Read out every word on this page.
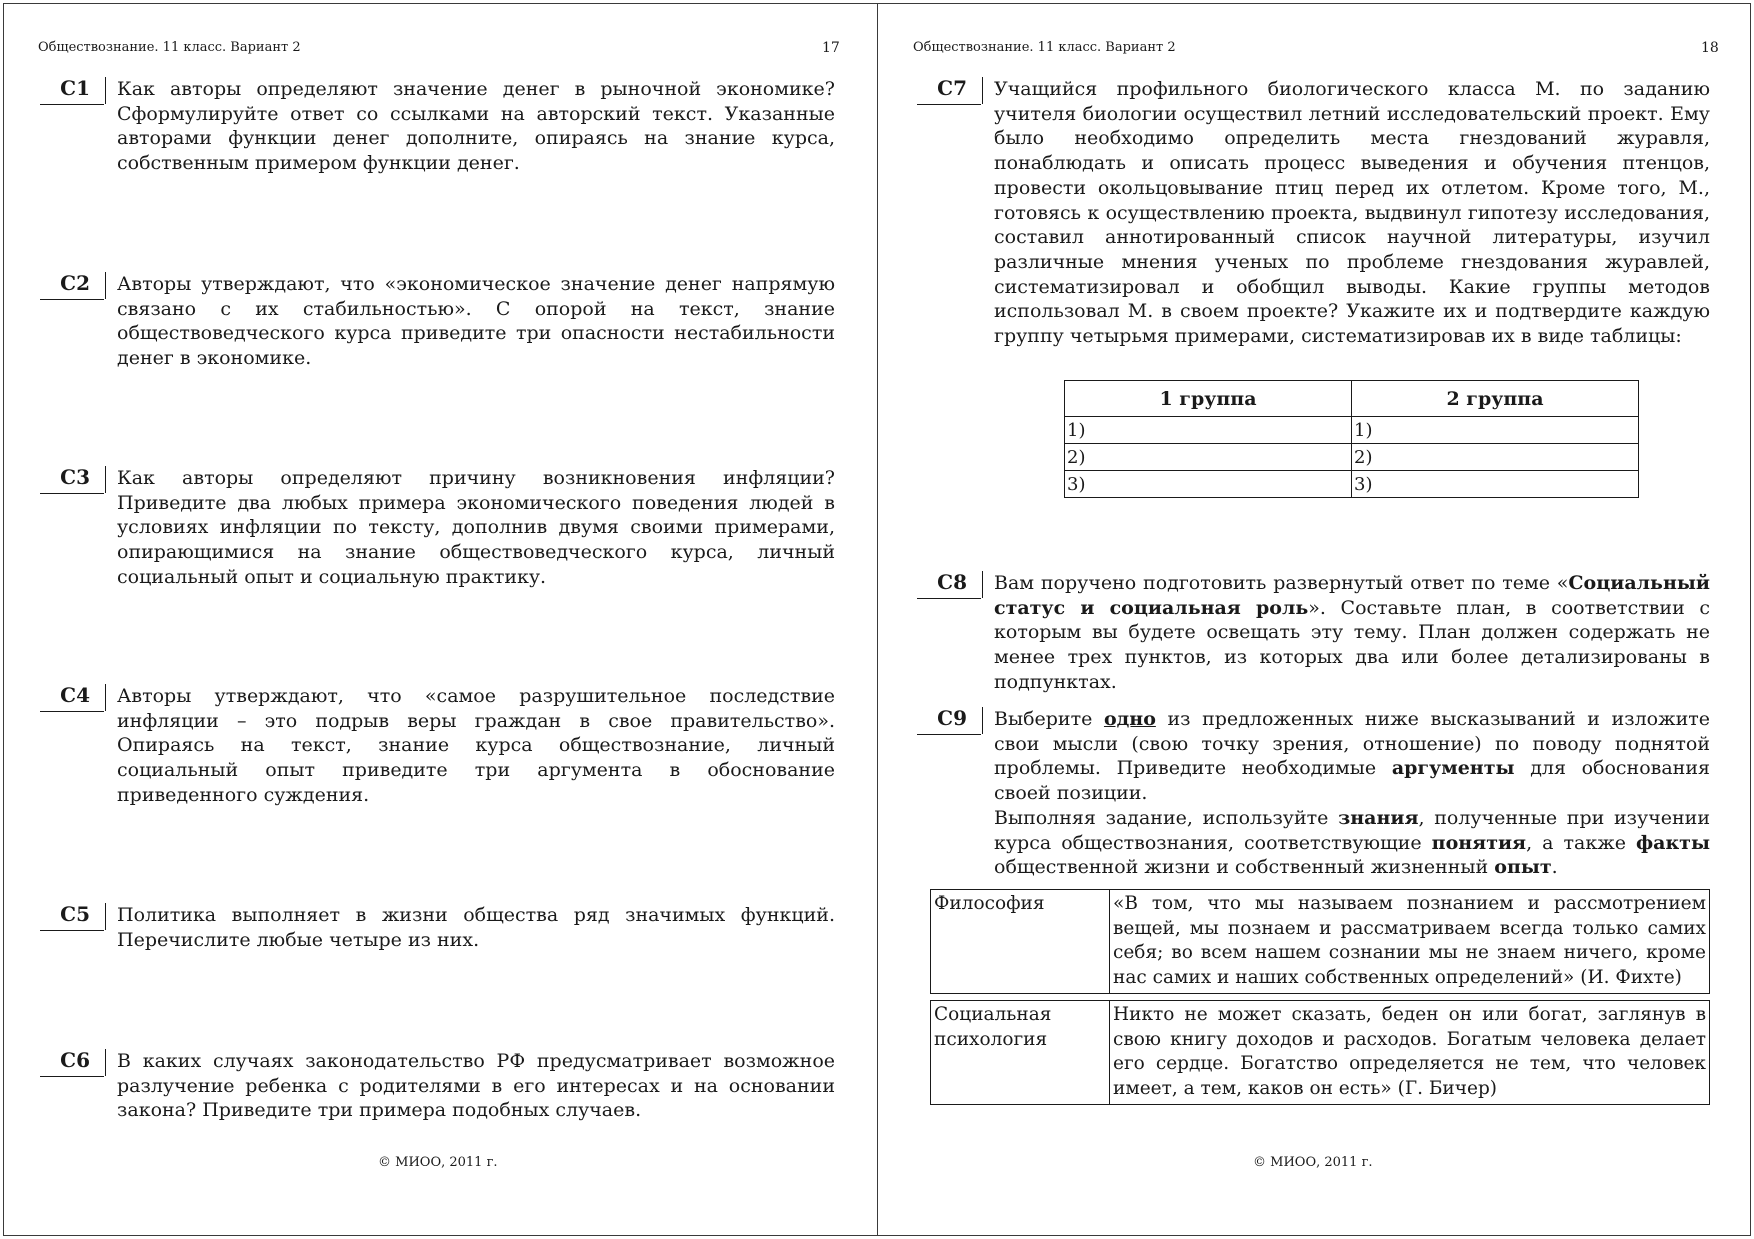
Обществознание. 11 класс. Вариант 2	17
C1 Как авторы определяют значение денег в рыночной экономике? Сформулируйте ответ со ссылками на авторский текст. Указанные авторами функции денег дополните, опираясь на знание курса, собственным примером функции денег.
C2 Авторы утверждают, что «экономическое значение денег напрямую связано с их стабильностью». С опорой на текст, знание обществоведческого курса приведите три опасности нестабильности денег в экономике.
C3 Как авторы определяют причину возникновения инфляции? Приведите два любых примера экономического поведения людей в условиях инфляции по тексту, дополнив двумя своими примерами, опирающимися на знание обществоведческого курса, личный социальный опыт и социальную практику.
C4 Авторы утверждают, что «самое разрушительное последствие инфляции – это подрыв веры граждан в свое правительство». Опираясь на текст, знание курса обществознание, личный социальный опыт приведите три аргумента в обоснование приведенного суждения.
C5 Политика выполняет в жизни общества ряд значимых функций. Перечислите любые четыре из них.
C6 В каких случаях законодательство РФ предусматривает возможное разлучение ребенка с родителями в его интересах и на основании закона? Приведите три примера подобных случаев.
© МИОО, 2011 г.
Обществознание. 11 класс. Вариант 2	18
C7 Учащийся профильного биологического класса М. по заданию учителя биологии осуществил летний исследовательский проект. Ему было необходимо определить места гнездований журавля, понаблюдать и описать процесс выведения и обучения птенцов, провести окольцовывание птиц перед их отлетом. Кроме того, М., готовясь к осуществлению проекта, выдвинул гипотезу исследования, составил аннотированный список научной литературы, изучил различные мнения ученых по проблеме гнездования журавлей, систематизировал и обобщил выводы. Какие группы методов использовал М. в своем проекте? Укажите их и подтвердите каждую группу четырьмя примерами, систематизировав их в виде таблицы:
1 группа	2 группа
1)	1)
2)	2)
3)	3)
C8 Вам поручено подготовить развернутый ответ по теме «Социальный статус и социальная роль». Составьте план, в соответствии с которым вы будете освещать эту тему. План должен содержать не менее трех пунктов, из которых два или более детализированы в подпунктах.
C9 Выберите одно из предложенных ниже высказываний и изложите свои мысли (свою точку зрения, отношение) по поводу поднятой проблемы. Приведите необходимые аргументы для обоснования своей позиции.

Выполняя задание, используйте знания, полученные при изучении курса обществознания, соответствующие понятия, а также факты общественной жизни и собственный жизненный опыт.

Философия	«В том, что мы называем познанием и рассмотрением вещей, мы познаем и рассматриваем всегда только самих себя; во всем нашем сознании мы не знаем ничего, кроме нас самих и наших собственных определений» (И. Фихте)

Социальная психология	Никто не может сказать, беден он или богат, заглянув в свою книгу доходов и расходов. Богатым человека делает его сердце. Богатство определяется не тем, что человек имеет, а тем, каков он есть» (Г. Бичер)
© МИОО, 2011 г.
